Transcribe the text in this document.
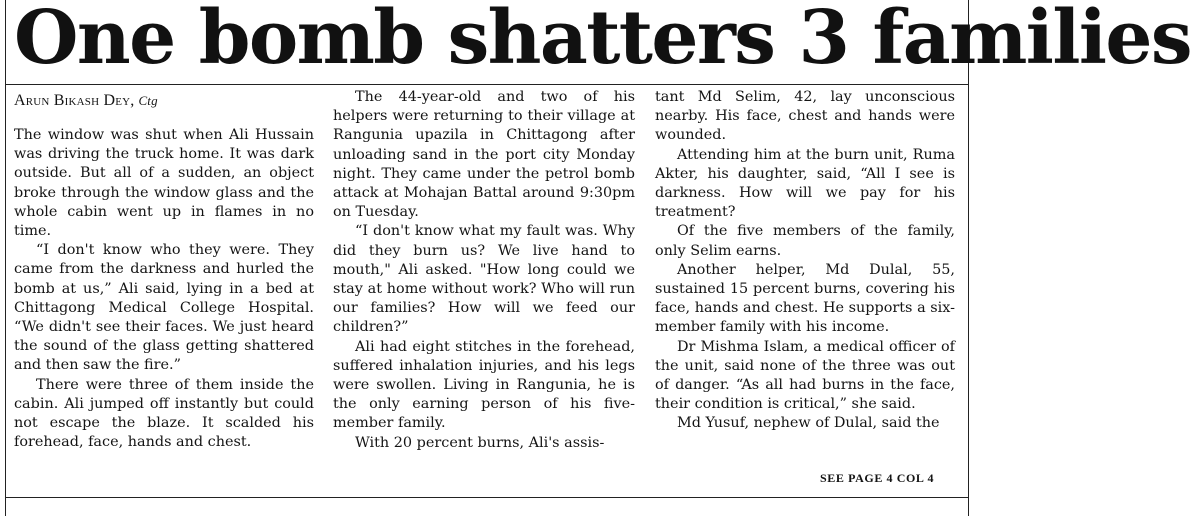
One bomb shatters 3 families
Arun Bikash Dey, Ctg

The window was shut when Ali Hussain was driving the truck home. It was dark outside. But all of a sudden, an object broke through the window glass and the whole cabin went up in flames in no time.

“I don't know who they were. They came from the darkness and hurled the bomb at us,” Ali said, lying in a bed at Chittagong Medical College Hospital. “We didn't see their faces. We just heard the sound of the glass getting shattered and then saw the fire.”

There were three of them inside the cabin. Ali jumped off instantly but could not escape the blaze. It scalded his forehead, face, hands and chest.

The 44-year-old and two of his helpers were returning to their village at Rangunia upazila in Chittagong after unloading sand in the port city Monday night. They came under the petrol bomb attack at Mohajan Battal around 9:30pm on Tuesday.

“I don't know what my fault was. Why did they burn us? We live hand to mouth," Ali asked. "How long could we stay at home without work? Who will run our families? How will we feed our children?”

Ali had eight stitches in the forehead, suffered inhalation injuries, and his legs were swollen. Living in Rangunia, he is the only earning person of his five-member family.

With 20 percent burns, Ali's assis-

tant Md Selim, 42, lay unconscious nearby. His face, chest and hands were wounded.

Attending him at the burn unit, Ruma Akter, his daughter, said, “All I see is darkness. How will we pay for his treatment?

Of the five members of the family, only Selim earns.

Another helper, Md Dulal, 55, sustained 15 percent burns, covering his face, hands and chest. He supports a six-member family with his income.

Dr Mishma Islam, a medical officer of the unit, said none of the three was out of danger. “As all had burns in the face, their condition is critical,” she said.

Md Yusuf, nephew of Dulal, said the

SEE PAGE 4 COL 4
